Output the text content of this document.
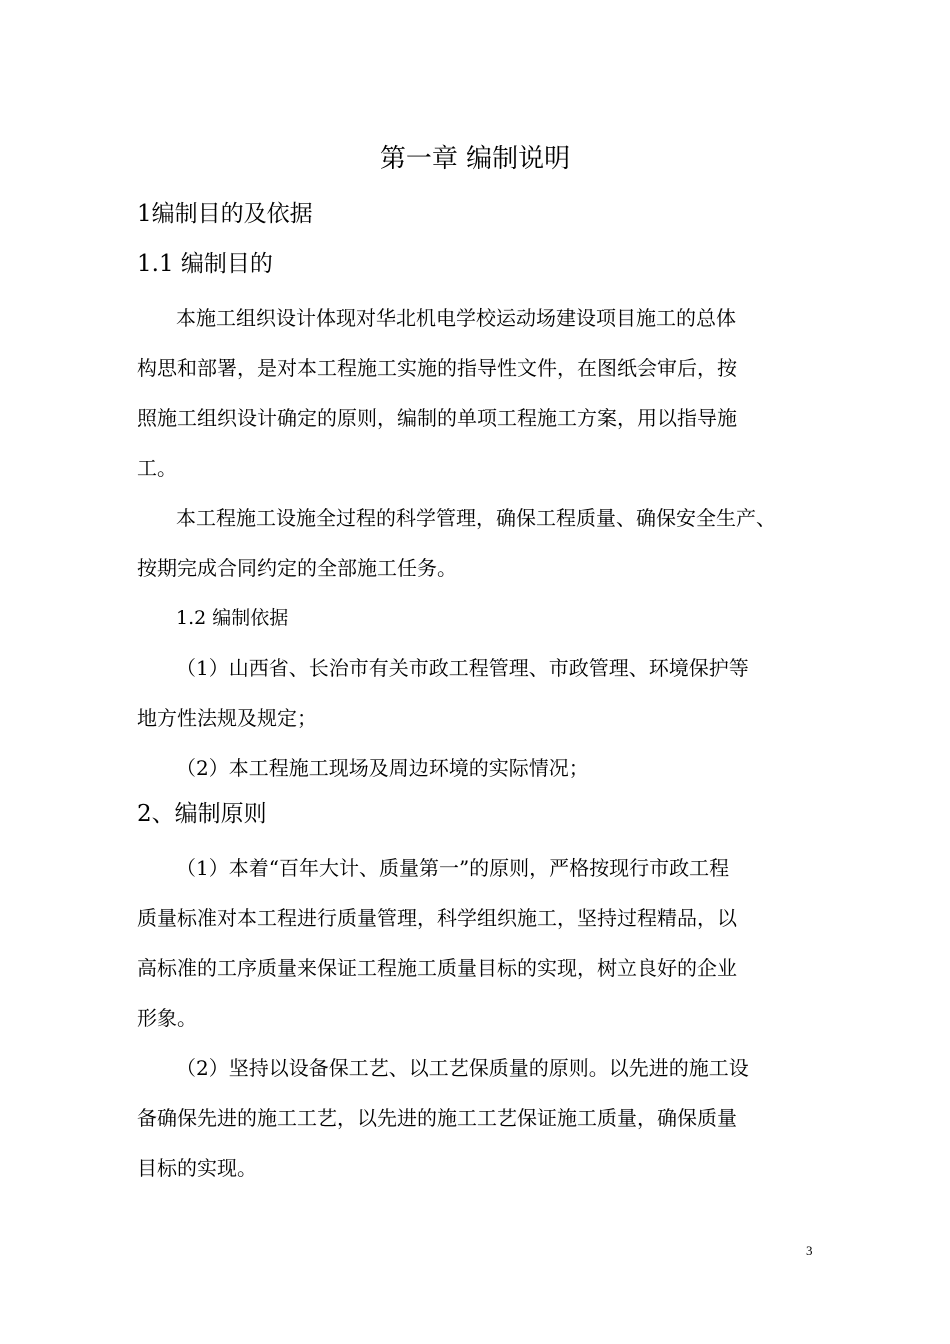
第一章 编制说明
1编制目的及依据
1.1 编制目的
本施工组织设计体现对华北机电学校运动场建设项目施工的总体
构思和部署，是对本工程施工实施的指导性文件，在图纸会审后，按
照施工组织设计确定的原则，编制的单项工程施工方案，用以指导施
工。
本工程施工设施全过程的科学管理，确保工程质量、确保安全生产、
按期完成合同约定的全部施工任务。
1.2 编制依据
（1）山西省、长治市有关市政工程管理、市政管理、环境保护等
地方性法规及规定；
（2）本工程施工现场及周边环境的实际情况；
2、编制原则
（1）本着“百年大计、质量第一”的原则，严格按现行市政工程
质量标准对本工程进行质量管理，科学组织施工，坚持过程精品，以
高标准的工序质量来保证工程施工质量目标的实现，树立良好的企业
形象。
（2）坚持以设备保工艺、以工艺保质量的原则。以先进的施工设
备确保先进的施工工艺，以先进的施工工艺保证施工质量，确保质量
目标的实现。
3
